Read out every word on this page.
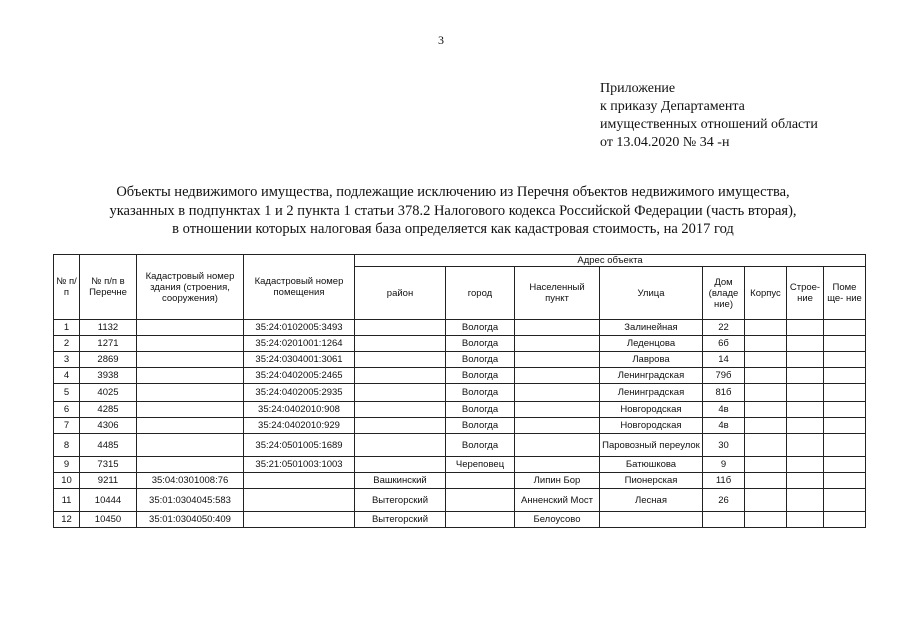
3
Приложение
к приказу Департамента
имущественных отношений области
от 13.04.2020 № 34 -н
Объекты недвижимого имущества, подлежащие исключению из Перечня объектов недвижимого имущества,
указанных в подпунктах 1 и 2 пункта 1 статьи 378.2 Налогового кодекса Российской Федерации (часть вторая),
в отношении которых налоговая база определяется как кадастровая стоимость, на 2017 год
№ п/п	№ п/п в Перечне	Кадастровый номер здания (строения, сооружения)	Кадастровый номер помещения	Адрес объекта							
				район	город	Населенный пункт	Улица	Дом (владе ние)	Корпус	Строе- ние	Поме ще- ние
1	1132		35:24:0102005:3493		Вологда		Залинейная	22			
2	1271		35:24:0201001:1264		Вологда		Леденцова	6б			
3	2869		35:24:0304001:3061		Вологда		Лаврова	14			
4	3938		35:24:0402005:2465		Вологда		Ленинградская	79б			
5	4025		35:24:0402005:2935		Вологда		Ленинградская	81б			
6	4285		35:24:0402010:908		Вологда		Новгородская	4в			
7	4306		35:24:0402010:929		Вологда		Новгородская	4в			
8	4485		35:24:0501005:1689		Вологда		Паровозный переулок	30			
9	7315		35:21:0501003:1003		Череповец		Батюшкова	9			
10	9211	35:04:0301008:76		Вашкинский		Липин Бор	Пионерская	11б			
11	10444	35:01:0304045:583		Вытегорский		Анненский Мост	Лесная	26			
12	10450	35:01:0304050:409		Вытегорский		Белоусово					
